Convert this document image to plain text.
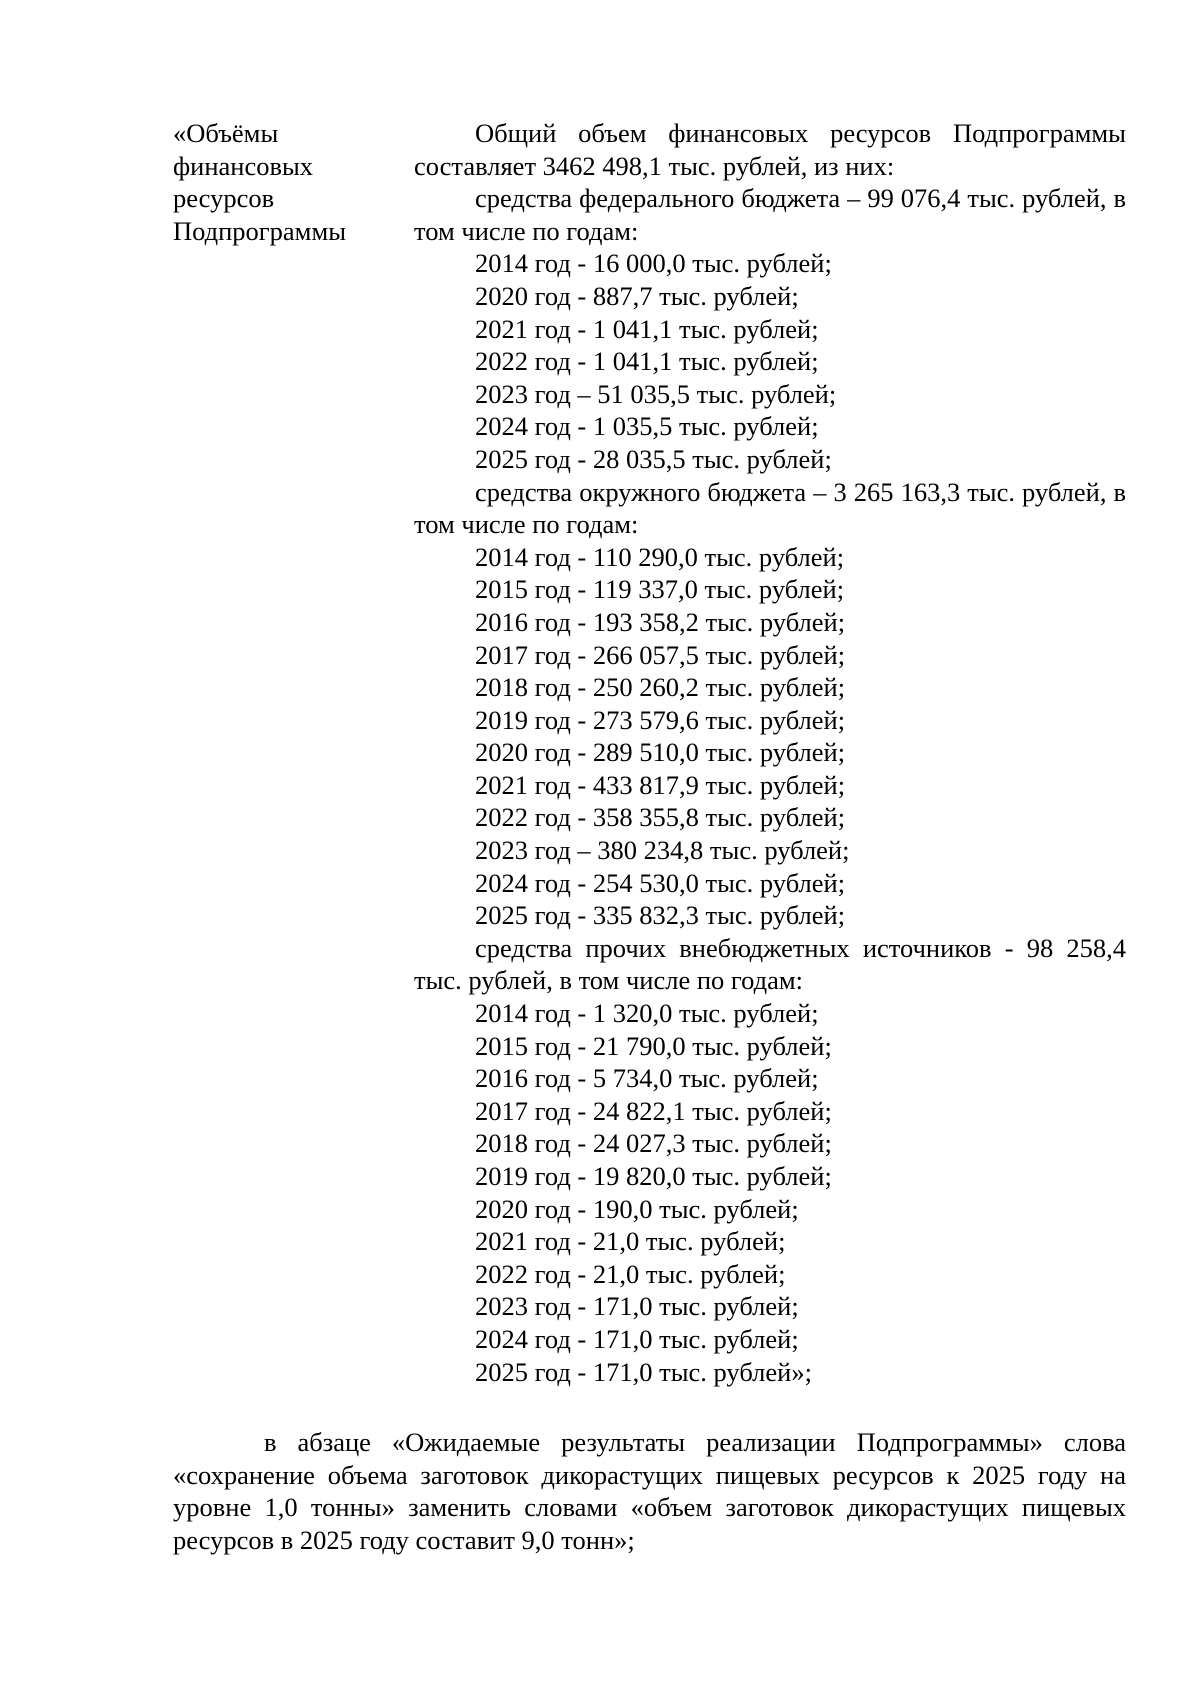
«Объёмы
финансовых
ресурсов
Подпрограммы

Общий объем финансовых ресурсов Подпрограммы составляет 3462 498,1 тыс. рублей, из них:

средства федерального бюджета – 99 076,4 тыс. рублей, в том числе по годам:

2014 год - 16 000,0 тыс. рублей;
2020 год - 887,7 тыс. рублей;
2021 год - 1 041,1 тыс. рублей;
2022 год - 1 041,1 тыс. рублей;
2023 год – 51 035,5 тыс. рублей;
2024 год - 1 035,5 тыс. рублей;
2025 год - 28 035,5 тыс. рублей;

средства окружного бюджета – 3 265 163,3 тыс. рублей, в том числе по годам:

2014 год - 110 290,0 тыс. рублей;
2015 год - 119 337,0 тыс. рублей;
2016 год - 193 358,2 тыс. рублей;
2017 год - 266 057,5 тыс. рублей;
2018 год - 250 260,2 тыс. рублей;
2019 год - 273 579,6 тыс. рублей;
2020 год - 289 510,0 тыс. рублей;
2021 год - 433 817,9 тыс. рублей;
2022 год - 358 355,8 тыс. рублей;
2023 год – 380 234,8 тыс. рублей;
2024 год - 254 530,0 тыс. рублей;
2025 год - 335 832,3 тыс. рублей;

средства прочих внебюджетных источников - 98 258,4 тыс. рублей, в том числе по годам:

2014 год - 1 320,0 тыс. рублей;
2015 год - 21 790,0 тыс. рублей;
2016 год - 5 734,0 тыс. рублей;
2017 год - 24 822,1 тыс. рублей;
2018 год - 24 027,3 тыс. рублей;
2019 год - 19 820,0 тыс. рублей;
2020 год - 190,0 тыс. рублей;
2021 год - 21,0 тыс. рублей;
2022 год - 21,0 тыс. рублей;
2023 год - 171,0 тыс. рублей;
2024 год - 171,0 тыс. рублей;
2025 год - 171,0 тыс. рублей»;

в абзаце «Ожидаемые результаты реализации Подпрограммы» слова «сохранение объема заготовок дикорастущих пищевых ресурсов к 2025 году на уровне 1,0 тонны» заменить словами «объем заготовок дикорастущих пищевых ресурсов в 2025 году составит 9,0 тонн»;
